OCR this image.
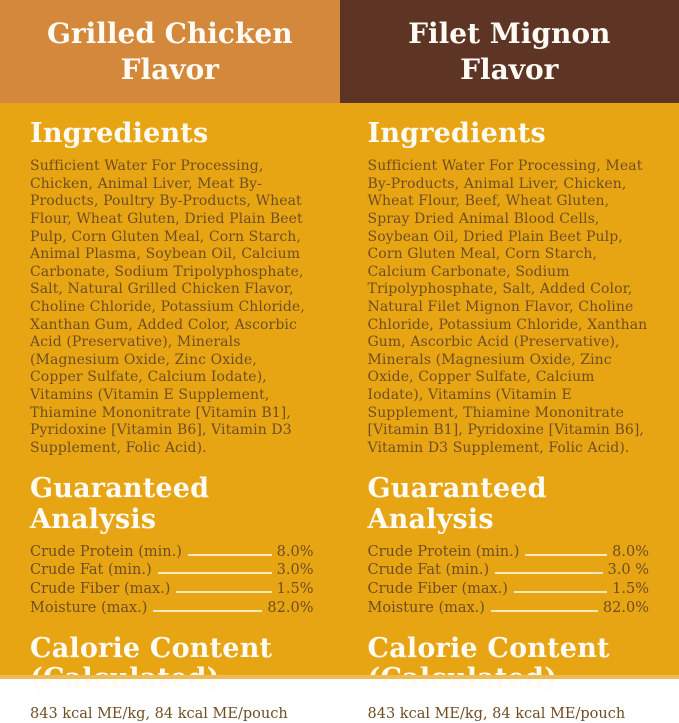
Grilled Chicken Flavor
Filet Mignon Flavor
Ingredients

Sufficient Water For Processing, Chicken, Animal Liver, Meat By-Products, Poultry By-Products, Wheat Flour, Wheat Gluten, Dried Plain Beet Pulp, Corn Gluten Meal, Corn Starch, Animal Plasma, Soybean Oil, Calcium Carbonate, Sodium Tripolyphosphate, Salt, Natural Grilled Chicken Flavor, Choline Chloride, Potassium Chloride, Xanthan Gum, Added Color, Ascorbic Acid (Preservative), Minerals (Magnesium Oxide, Zinc Oxide, Copper Sulfate, Calcium Iodate), Vitamins (Vitamin E Supplement, Thiamine Mononitrate [Vitamin B1], Pyridoxine [Vitamin B6], Vitamin D3 Supplement, Folic Acid).

Guaranteed Analysis
Crude Protein (min.)	8.0%
Crude Fat (min.)	3.0%
Crude Fiber (max.)	1.5%
Moisture (max.)	82.0%
Calorie Content

843 kcal ME/kg, 84 kcal ME/pouch

Ingredients

Sufficient Water For Processing, Meat By-Products, Animal Liver, Chicken, Wheat Flour, Beef, Wheat Gluten, Spray Dried Animal Blood Cells, Soybean Oil, Dried Plain Beet Pulp, Corn Gluten Meal, Corn Starch, Calcium Carbonate, Sodium Tripolyphosphate, Salt, Added Color, Natural Filet Mignon Flavor, Choline Chloride, Potassium Chloride, Xanthan Gum, Ascorbic Acid (Preservative), Minerals (Magnesium Oxide, Zinc Oxide, Copper Sulfate, Calcium Iodate), Vitamins (Vitamin E Supplement, Thiamine Mononitrate [Vitamin B1], Pyridoxine [Vitamin B6], Vitamin D3 Supplement, Folic Acid).

Guaranteed Analysis
Crude Protein (min.)	8.0%
Crude Fat (min.)	3.0 %
Crude Fiber (max.)	1.5%
Moisture (max.)	82.0%
Calorie Content

843 kcal ME/kg, 84 kcal ME/pouch
